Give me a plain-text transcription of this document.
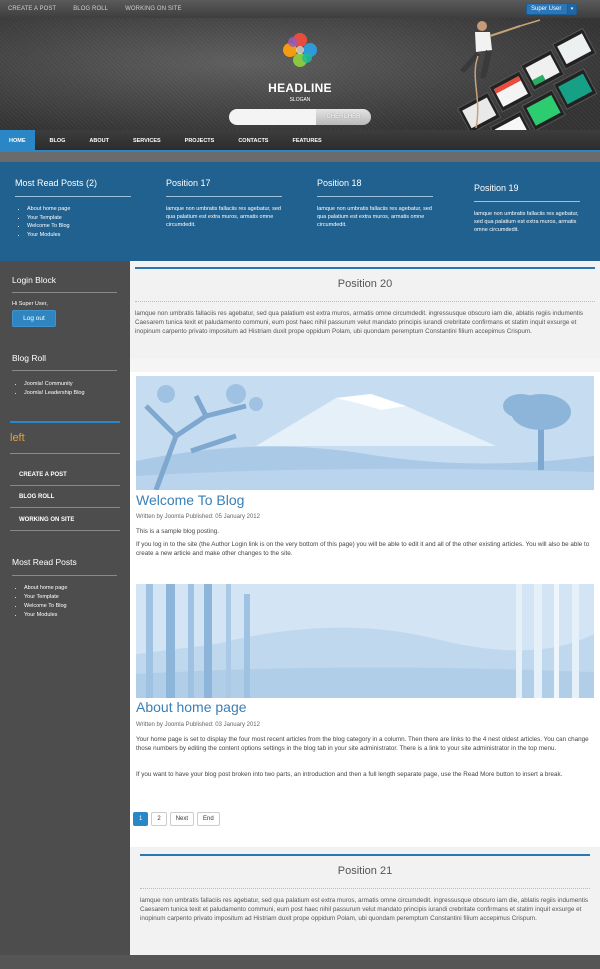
CREATE A POST	BLOG ROLL	WORKING ON SITE	Super User	▾
HEADLINE
SLOGAN
CHERCHER
HOME	BLOG	ABOUT	SERVICES	PROJECTS	CONTACTS	FEATURES
Most Read Posts (2)
• About home page
• Your Template
• Welcome To Blog
• Your Modules
Position 17
lamque non umbratis fallaciis res agebatur, sed qua palatium est extra muros, armatis omne circumdedit.
Position 18
lamque non umbratis fallaciis res agebatur, sed qua palatium est extra muros, armatis omne circumdedit.
Position 19
lamque non umbratis fallaciis res agebatur, sed qua palatium est extra muros, armatis omne circumdedit.
Login Block
Hi Super User,
Log out
Blog Roll
• Joomla! Community
• Joomla! Leadership Blog
left
CREATE A POST
BLOG ROLL
WORKING ON SITE
Most Read Posts
• About home page
• Your Template
• Welcome To Blog
• Your Modules
Position 20
lamque non umbratis fallaciis res agebatur, sed qua palatium est extra muros, armatis omne circumdedit. ingressusque obscuro iam die, ablatis regiis indumentis Caesarem tunica texit et paludamento communi, eum post haec nihil passurum velut mandato principis iurandi crebritate confirmans et statim inquit exsurge et inopinum carpento privato impositum ad Histriam duxit prope oppidum Polam, ubi quondam peremptum Constantini filium accepimus Crispum.
Welcome To Blog
Written by Joomla Published: 05 January 2012
This is a sample blog posting.
If you log in to the site (the Author Login link is on the very bottom of this page) you will be able to edit it and all of the other existing articles. You will also be able to create a new article and make other changes to the site.
About home page
Written by Joomla Published: 03 January 2012
Your home page is set to display the four most recent articles from the blog category in a column. Then there are links to the 4 nest oldest articles. You can change those numbers by editing the content options settings in the blog tab in your site administrator. There is a link to your site administrator in the top menu.
If you want to have your blog post broken into two parts, an introduction and then a full length separate page, use the Read More button to insert a break.
1	2	Next	End
Position 21
lamque non umbratis fallaciis res agebatur, sed qua palatium est extra muros, armatis omne circumdedit. ingressusque obscuro iam die, ablatis regiis indumentis Caesarem tunica texit et paludamento communi, eum post haec nihil passurum velut mandato principis iurandi crebritate confirmans et statim inquit exsurge et inopinum carpento privato impositum ad Histriam duxit prope oppidum Polam, ubi quondam peremptum Constantini filium accepimus Crispum.
